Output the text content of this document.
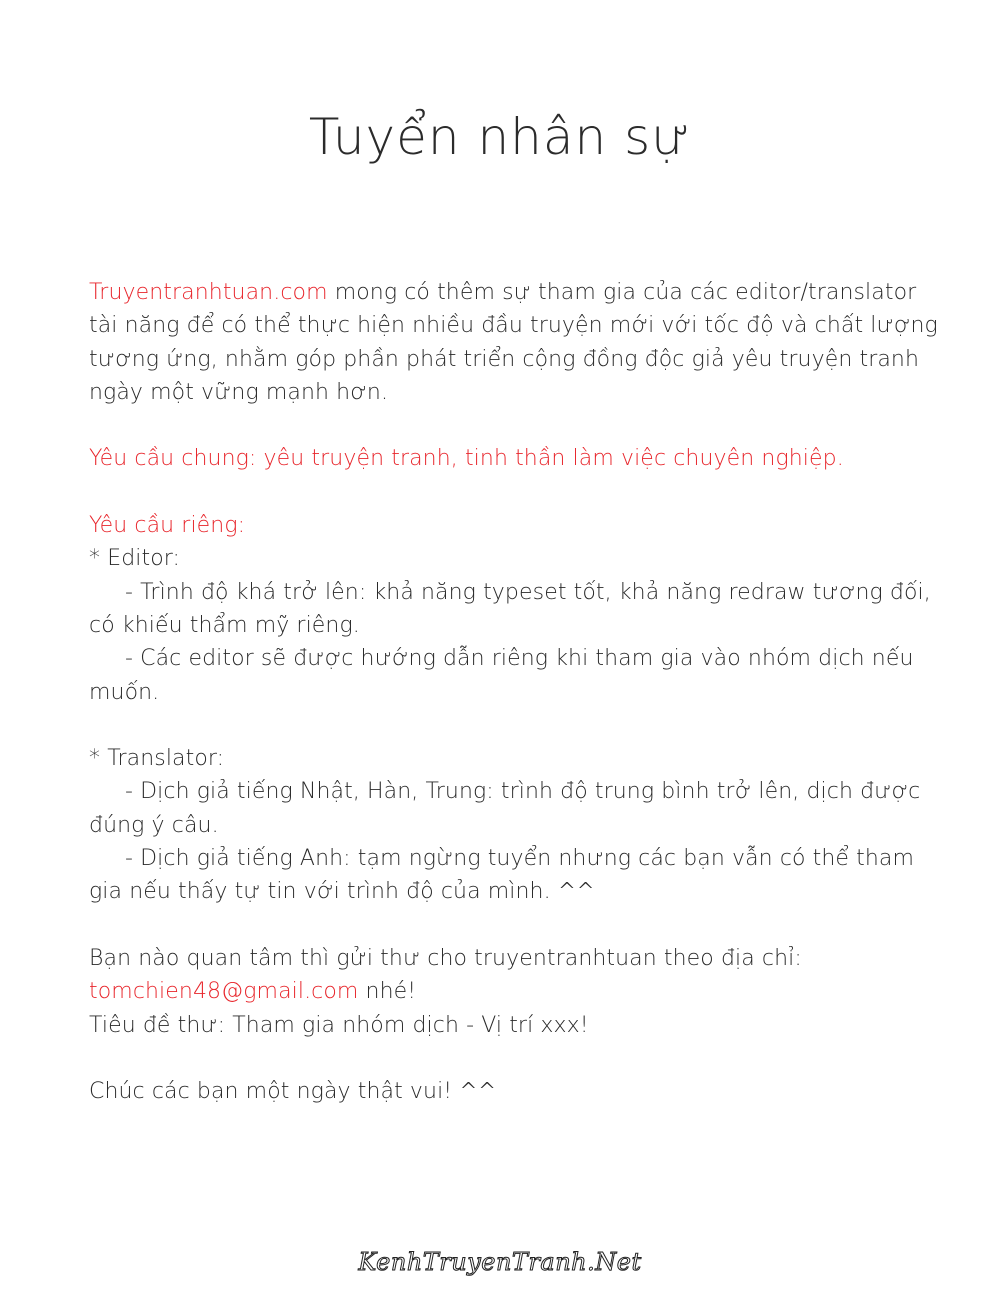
Tuyển nhân sự

Truyentranhtuan.com mong có thêm sự tham gia của các editor/translator tài năng để có thể thực hiện nhiều đầu truyện mới với tốc độ và chất lượng tương ứng, nhằm góp phần phát triển cộng đồng độc giả yêu truyện tranh ngày một vững mạnh hơn.

Yêu cầu chung: yêu truyện tranh, tinh thần làm việc chuyên nghiệp.

Yêu cầu riêng:

* Editor:

- Trình độ khá trở lên: khả năng typeset tốt, khả năng redraw tương đối, có khiếu thẩm mỹ riêng.

- Các editor sẽ được hướng dẫn riêng khi tham gia vào nhóm dịch nếu muốn.

* Translator:

- Dịch giả tiếng Nhật, Hàn, Trung: trình độ trung bình trở lên, dịch được đúng ý câu.

- Dịch giả tiếng Anh: tạm ngừng tuyển nhưng các bạn vẫn có thể tham gia nếu thấy tự tin với trình độ của mình. ^^

Bạn nào quan tâm thì gửi thư cho truyentranhtuan theo địa chỉ:

tomchien48@gmail.com nhé!

Tiêu đề thư: Tham gia nhóm dịch - Vị trí xxx!

Chúc các bạn một ngày thật vui! ^^

KenhTruyenTranh.Net
